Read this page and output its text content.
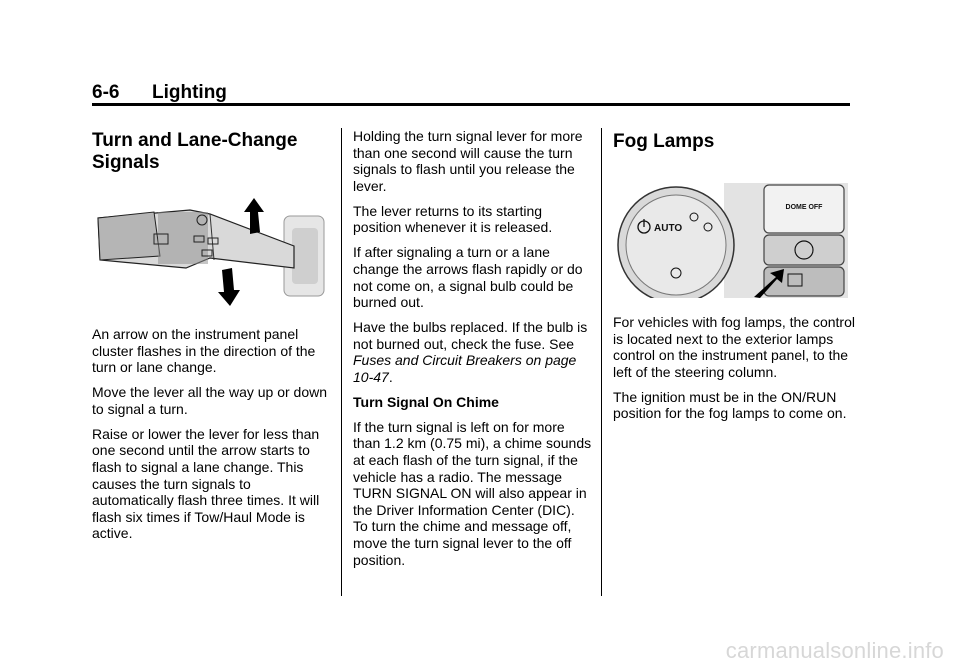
6-6 Lighting
Turn and Lane-Change
Signals

An arrow on the instrument panel cluster flashes in the direction of the turn or lane change.

Move the lever all the way up or down to signal a turn.

Raise or lower the lever for less than one second until the arrow starts to flash to signal a lane change. This causes the turn signals to automatically flash three times. It will flash six times if Tow/Haul Mode is active.

Holding the turn signal lever for more than one second will cause the turn signals to flash until you release the lever.

The lever returns to its starting position whenever it is released.

If after signaling a turn or a lane change the arrows flash rapidly or do not come on, a signal bulb could be burned out.

Have the bulbs replaced. If the bulb is not burned out, check the fuse. See Fuses and Circuit Breakers on page 10-47.

Turn Signal On Chime

If the turn signal is left on for more than 1.2 km (0.75 mi), a chime sounds at each flash of the turn signal, if the vehicle has a radio. The message TURN SIGNAL ON will also appear in the Driver Information Center (DIC). To turn the chime and message off, move the turn signal lever to the off position.

Fog Lamps
AUTO
DOME OFF

For vehicles with fog lamps, the control is located next to the exterior lamps control on the instrument panel, to the left of the steering column.

The ignition must be in the ON/RUN position for the fog lamps to come on.

carmanualsonline.info
